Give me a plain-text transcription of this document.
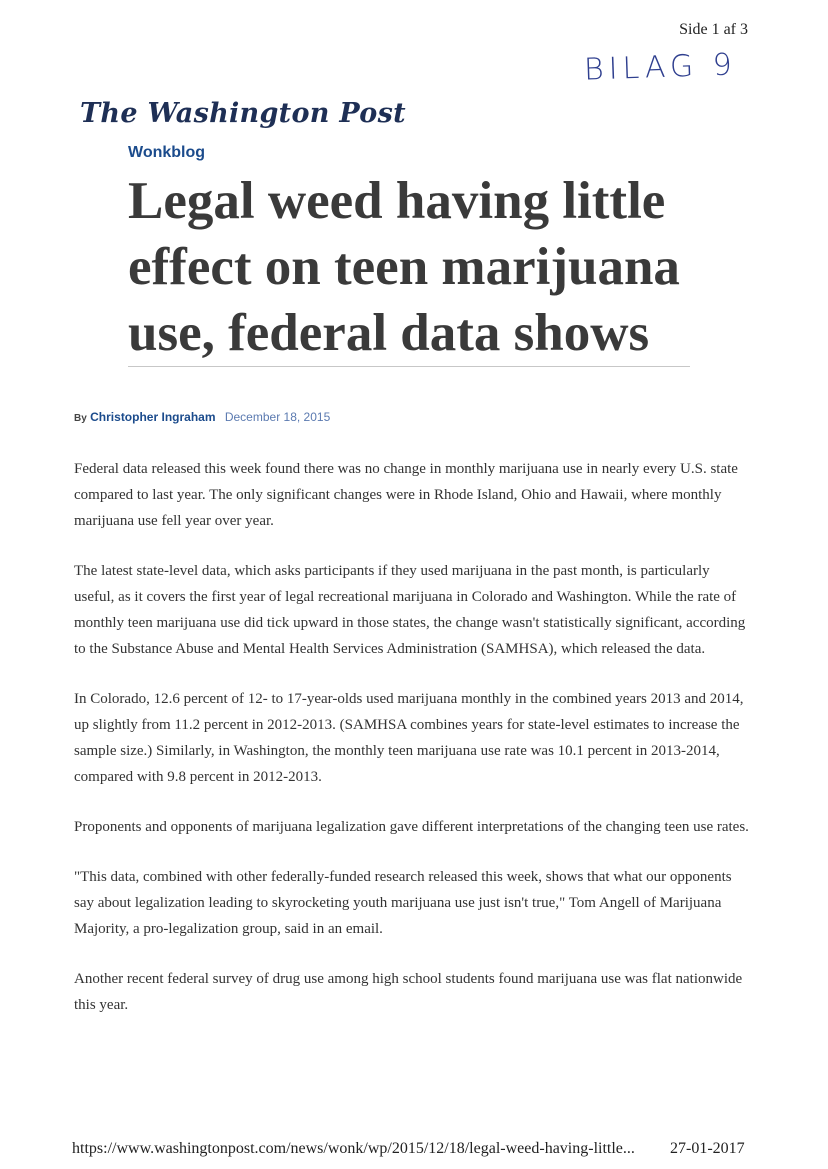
Side 1 af 3
BILAG 9
The Washington Post
Wonkblog
Legal weed having little effect on teen marijuana use, federal data shows
By Christopher Ingraham December 18, 2015

Federal data released this week found there was no change in monthly marijuana use in nearly every U.S. state compared to last year. The only significant changes were in Rhode Island, Ohio and Hawaii, where monthly marijuana use fell year over year.

The latest state-level data, which asks participants if they used marijuana in the past month, is particularly useful, as it covers the first year of legal recreational marijuana in Colorado and Washington. While the rate of monthly teen marijuana use did tick upward in those states, the change wasn't statistically significant, according to the Substance Abuse and Mental Health Services Administration (SAMHSA), which released the data.

In Colorado, 12.6 percent of 12- to 17-year-olds used marijuana monthly in the combined years 2013 and 2014, up slightly from 11.2 percent in 2012-2013. (SAMHSA combines years for state-level estimates to increase the sample size.) Similarly, in Washington, the monthly teen marijuana use rate was 10.1 percent in 2013-2014, compared with 9.8 percent in 2012-2013.

Proponents and opponents of marijuana legalization gave different interpretations of the changing teen use rates.

"This data, combined with other federally-funded research released this week, shows that what our opponents say about legalization leading to skyrocketing youth marijuana use just isn't true," Tom Angell of Marijuana Majority, a pro-legalization group, said in an email.

Another recent federal survey of drug use among high school students found marijuana use was flat nationwide this year.

https://www.washingtonpost.com/news/wonk/wp/2015/12/18/legal-weed-having-little... 27-01-2017
